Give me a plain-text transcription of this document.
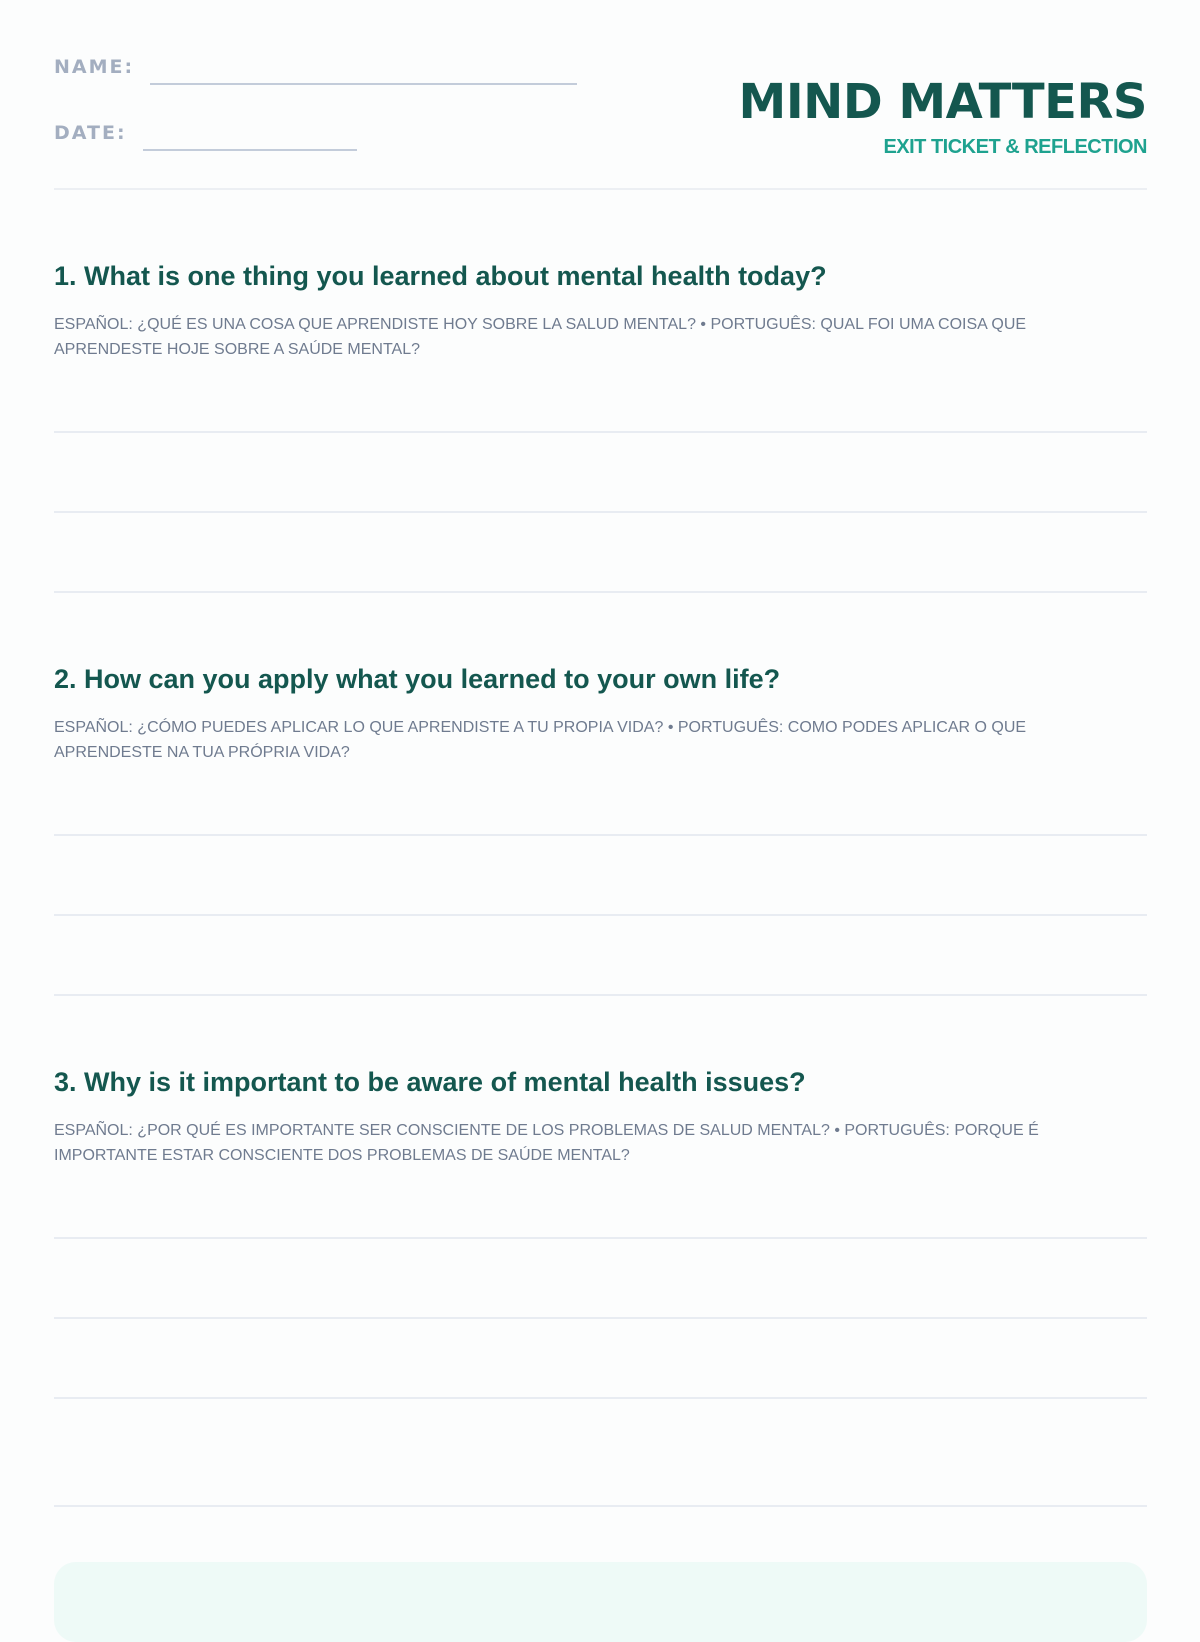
NAME:
DATE:
MIND MATTERS
EXIT TICKET & REFLECTION
1. What is one thing you learned about mental health today?
ESPAÑOL: ¿QUÉ ES UNA COSA QUE APRENDISTE HOY SOBRE LA SALUD MENTAL? • PORTUGUÊS: QUAL FOI UMA COISA QUE APRENDESTE HOJE SOBRE A SAÚDE MENTAL?
2. How can you apply what you learned to your own life?
ESPAÑOL: ¿CÓMO PUEDES APLICAR LO QUE APRENDISTE A TU PROPIA VIDA? • PORTUGUÊS: COMO PODES APLICAR O QUE APRENDESTE NA TUA PRÓPRIA VIDA?
3. Why is it important to be aware of mental health issues?
ESPAÑOL: ¿POR QUÉ ES IMPORTANTE SER CONSCIENTE DE LOS PROBLEMAS DE SALUD MENTAL? • PORTUGUÊS: PORQUE É IMPORTANTE ESTAR CONSCIENTE DOS PROBLEMAS DE SAÚDE MENTAL?
